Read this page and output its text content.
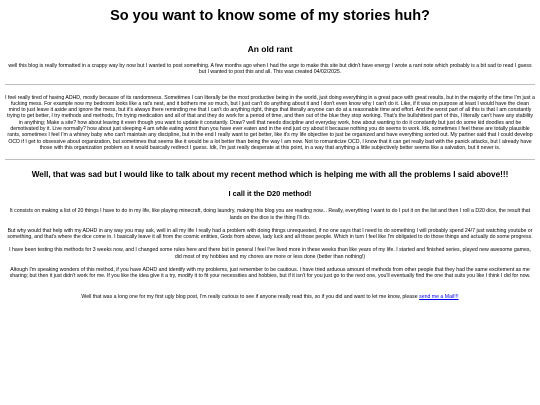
So you want to know some of my stories huh?
An old rant

well this blog is really formatted in a crappy way by now but I wanted to post something. A few months ago when I had the urge to make this site but didn't have energy I wrote a rant note which probably is a bit sad to read I guess but I wanted to post this and all. This was created 04/02/2025.

I feel really tired of having ADHD, mostly because of its randomness. Sometimes I can literally be the most productive being in the world, just doing everything in a great pace with great results, but in the majority of the time I'm just a fucking mess. For example now my bedroom looks like a rat's nest, and it bothers me so much, but I just can't do anything about it and I don't even know why I can't do it. Like, if it was on purpose at least I would have the clean mind to just leave it aside and ignore the mess, but it's always there reminding me that I can't do anything right, things that literally anyone can do at a reasonable time and effort. And the worst part of all this is that I am constantly trying to get better, I try methods and methods, I'm trying medication and all of that and they do work for a period of time, and then out of the blue they stop working. That's the bullshittest part of this, I literally can't have any stability in anything; Make a site? how about leaving it even though you want to update it constantly. Draw? well that needs discipline and everyday work, how about wanting to do it constantly but just do some kid doodles and be demotivated by it. Live normally? how about just sleeping 4 am while eating worst than you have ever eaten and in the end just cry about it because nothing you do seems to work. Idk, sometimes I feel these are totally plausible rants, sometimes I feel I'm a whiney baby who can't maintain any discipline, but in the end I really want to get better, like it's my life objective to just be organized and have everything sorted out. My partner said that I could develop OCD if I get to obsessive about organization, but sometimes that seems like it would be a lot better than being the way I am now. Not to romanticize OCD, I know that it can get really bad with the panick attacks, but I already have those with this organization problem so it would basically redirect I guess. Idk, I'm just really desperate at this point, in a way that anything a little subjectively better seems like a salvation, but it never is.

Well, that was sad but I would like to talk about my recent method which is helping me with all the problems I said above!!!
I call it the D20 method!

It consists on making a list of 20 things I have to do in my life, like playing minecraft, doing laundry, making this blog you are reading now... Really, everything I want to do I put it on the list and then I roll a D20 dice, the result that lands on the dice is the thing I'll do.

But why would that help with my ADHD in any way you may ask, well in all my life I really had a problem with doing things unrequested, if no one says that I need to do something I will probably spend 24/7 just watching youtube or something, and that's where the dice come in. I basically leave it all from the cosmic entities, Gods from above, lady luck and all those people. Which in turn I feel like I'm obligated to do those things and actually do some progress.

I have been testing this methods for 3 weeks now, and I changed some rules here and there but in general I feel I've lived more in these weeks than like years of my life. I started and finished series, played new awesome games, did most of my hobbies and my chores are more or less done (better than nothing!)

Altough I'm speaking wonders of this method, if you have ADHD and identify with my problems, just remember to be cautious. I have tried arduous amount of methods from other people that they had the same excitement as me sharing; but then it just didn't work for me. If you like the idea give it a try, modify it to fit your necessities and hobbies, but if it isn't for you just go to the next one, you'll eventually find the one that suits you like I think I did for now.

Well that was a long one for my first ugly blog post, I'm really curious to see if anyone really read this, so if you did and want to let me know, please send me a Mail!!!
